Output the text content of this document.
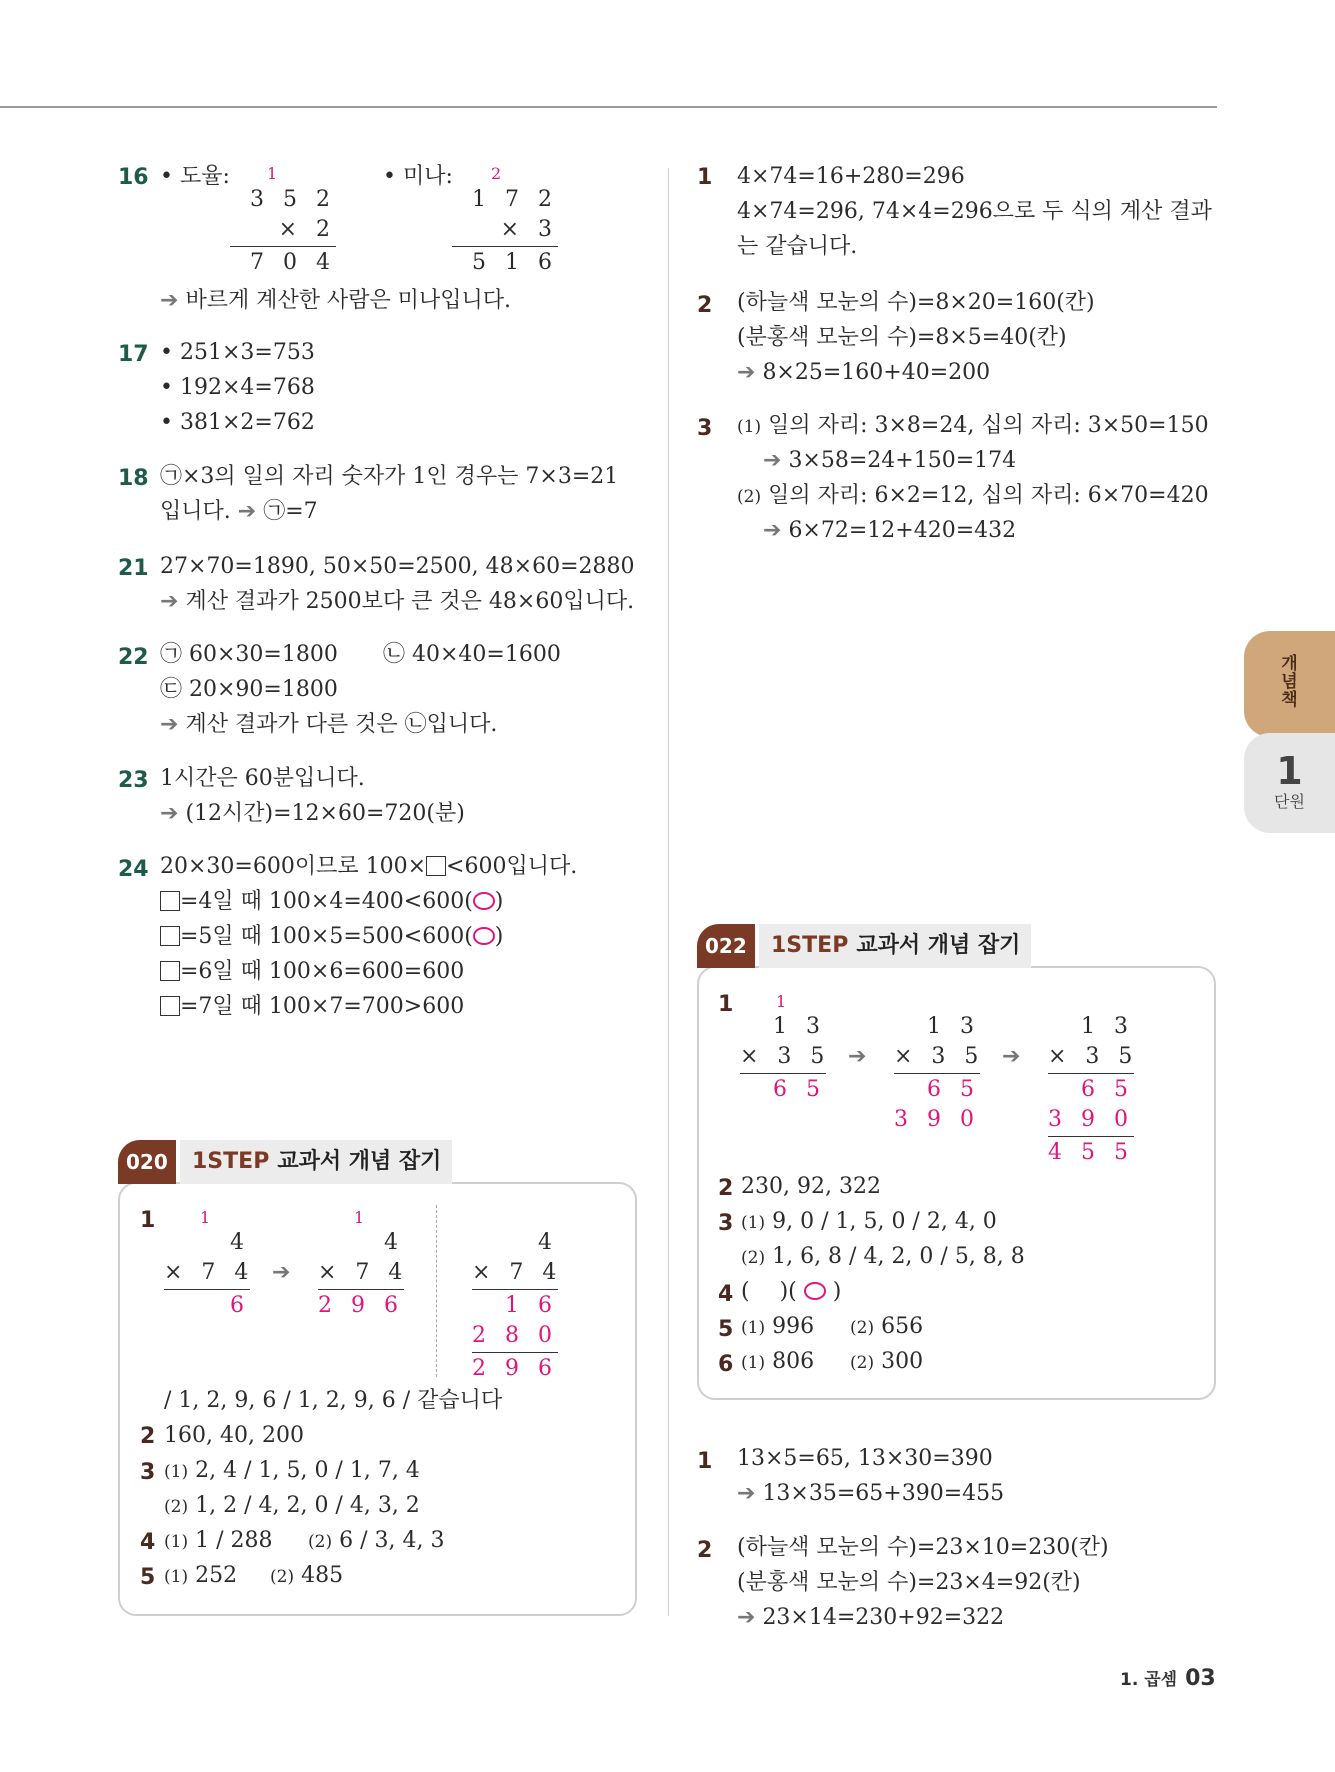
16 • 도율:	• 미나:
1
3 5 2
× 2
7 0 4
2
1 7 2
× 3
5 1 6
➔ 바르게 계산한 사람은 미나입니다.
17 • 251×3=753
• 192×4=768
• 381×2=762
18 ㉠×3의 일의 자리 숫자가 1인 경우는 7×3=21
입니다. ➔ ㉠=7
21 27×70=1890, 50×50=2500, 48×60=2880
➔ 계산 결과가 2500보다 큰 것은 48×60입니다.
22 ㉠ 60×30=1800 ㉡ 40×40=1600
㉢ 20×90=1800
➔ 계산 결과가 다른 것은 ㉡입니다.
23 1시간은 60분입니다.
➔ (12시간)=12×60=720(분)
24 20×30=600이므로 100× <600입니다.
=4일 때 100×4=400<600(○)
=5일 때 100×5=500<600(○)
=6일 때 100×6=600=600
=7일 때 100×7=700>600
020쪽
1STEP 교과서 개념 잡기
1	1
4
× 7 4
6
➔
1
4
× 7 4
2 9 6
4
× 7 4
1 6
2 8 0
2 9 6
/ 1, 2, 9, 6 / 1, 2, 9, 6 / 같습니다
2 160, 40, 200
3 (1) 2, 4 / 1, 5, 0 / 1, 7, 4
(2) 1, 2 / 4, 2, 0 / 4, 3, 2
4 (1) 1 / 288 (2) 6 / 3, 4, 3
5 (1) 252 (2) 485
1 4×74=16+280=296
4×74=296, 74×4=296으로 두 식의 계산 결과
는 같습니다.
2 (하늘색 모눈의 수)=8×20=160(칸)
(분홍색 모눈의 수)=8×5=40(칸)
➔ 8×25=160+40=200
3 (1) 일의 자리: 3×8=24, 십의 자리: 3×50=150
➔ 3×58=24+150=174
(2) 일의 자리: 6×2=12, 십의 자리: 6×70=420
➔ 6×72=12+420=432
022쪽
1STEP 교과서 개념 잡기
1	1
1 3
× 3 5
6 5
➔
1 3
× 3 5
6 5
3 9 0
➔
1 3
× 3 5
6 5
3 9 0
4 5 5
2 230, 92, 322
3 (1) 9, 0 / 1, 5, 0 / 2, 4, 0
(2) 1, 6, 8 / 4, 2, 0 / 5, 8, 8
4 ( )( ○ )
5 (1) 996 (2) 656
6 (1) 806 (2) 300
1 13×5=65, 13×30=390
➔ 13×35=65+390=455
2 (하늘색 모눈의 수)=23×10=230(칸)
(분홍색 모눈의 수)=23×4=92(칸)
➔ 23×14=230+92=322
개
념
책
1
단원
1. 곱셈 03
